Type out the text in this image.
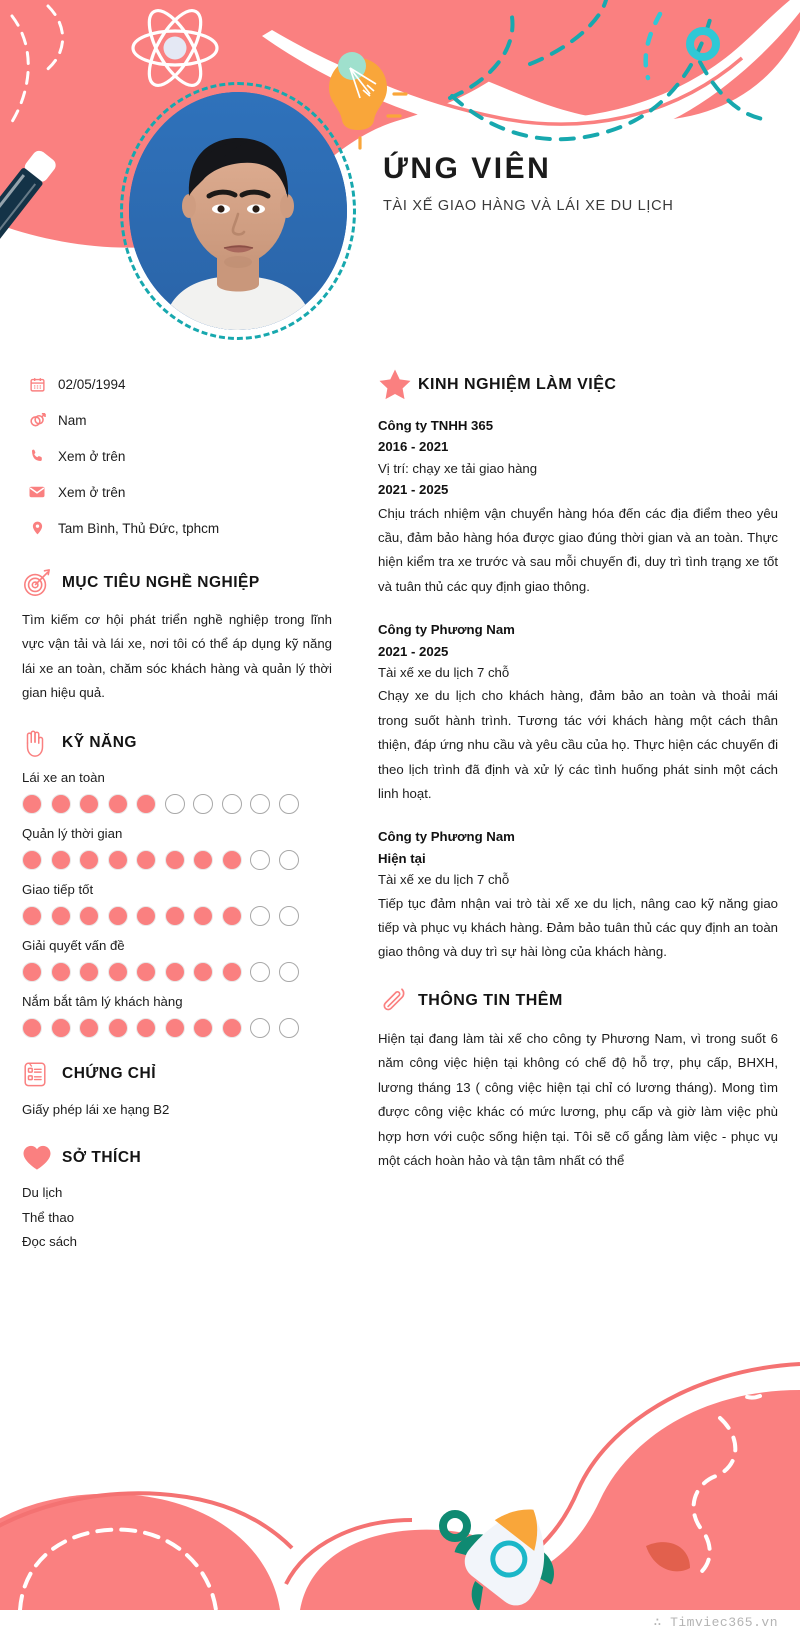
ỨNG VIÊN
TÀI XẾ GIAO HÀNG VÀ LÁI XE DU LỊCH
02/05/1994
Nam
Xem ở trên
Xem ở trên
Tam Bình, Thủ Đức, tphcm
MỤC TIÊU NGHỀ NGHIỆP
Tìm kiếm cơ hội phát triển nghề nghiệp trong lĩnh vực vận tải và lái xe, nơi tôi có thể áp dụng kỹ năng lái xe an toàn, chăm sóc khách hàng và quản lý thời gian hiệu quả.
KỸ NĂNG
Lái xe an toàn
Quản lý thời gian
Giao tiếp tốt
Giải quyết vấn đề
Nắm bắt tâm lý khách hàng
CHỨNG CHỈ
Giấy phép lái xe hạng B2
SỞ THÍCH
Du lịch
Thể thao
Đọc sách
KINH NGHIỆM LÀM VIỆC
Công ty TNHH 365
2016 - 2021
Vị trí: chạy xe tải giao hàng
2021 - 2025
Chịu trách nhiệm vận chuyển hàng hóa đến các địa điểm theo yêu cầu, đảm bảo hàng hóa được giao đúng thời gian và an toàn. Thực hiện kiểm tra xe trước và sau mỗi chuyến đi, duy trì tình trạng xe tốt và tuân thủ các quy định giao thông.
Công ty Phương Nam
2021 - 2025
Tài xế xe du lịch 7 chỗ
Chạy xe du lịch cho khách hàng, đảm bảo an toàn và thoải mái trong suốt hành trình. Tương tác với khách hàng một cách thân thiện, đáp ứng nhu cầu và yêu cầu của họ. Thực hiện các chuyến đi theo lịch trình đã định và xử lý các tình huống phát sinh một cách linh hoạt.
Công ty Phương Nam
Hiện tại
Tài xế xe du lịch 7 chỗ
Tiếp tục đảm nhận vai trò tài xế xe du lịch, nâng cao kỹ năng giao tiếp và phục vụ khách hàng. Đảm bảo tuân thủ các quy định an toàn giao thông và duy trì sự hài lòng của khách hàng.
THÔNG TIN THÊM
Hiện tại đang làm tài xế cho công ty Phương Nam, vì trong suốt 6 năm công việc hiện tại không có chế độ hỗ trợ, phụ cấp, BHXH, lương tháng 13 ( công việc hiện tại chỉ có lương tháng). Mong tìm được công việc khác có mức lương, phụ cấp và giờ làm việc phù hợp hơn với cuộc sống hiện tại. Tôi sẽ cố gắng làm việc - phục vụ một cách hoàn hảo và tận tâm nhất có thể
∴ Timviec365.vn
